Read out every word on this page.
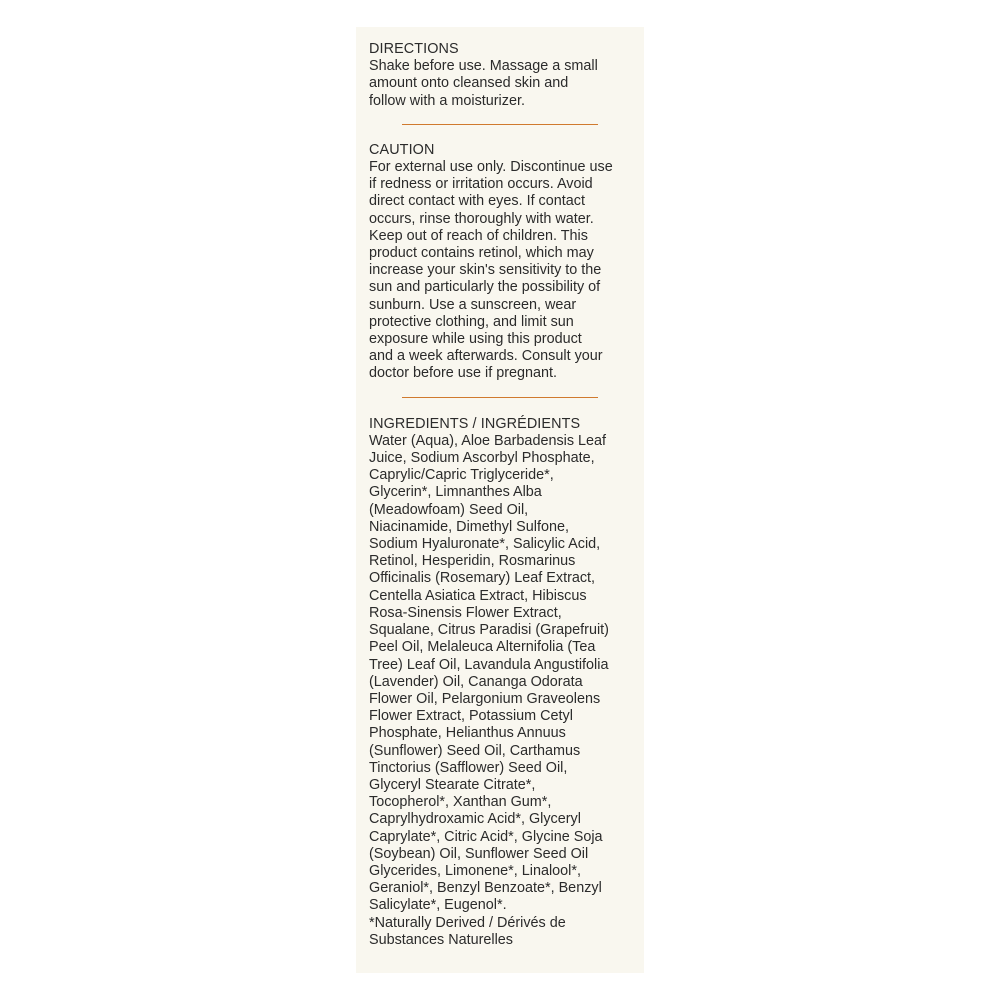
DIRECTIONS

Shake before use. Massage a small

amount onto cleansed skin and

follow with a moisturizer.

CAUTION

For external use only. Discontinue use

if redness or irritation occurs. Avoid

direct contact with eyes. If contact

occurs, rinse thoroughly with water.

Keep out of reach of children. This

product contains retinol, which may

increase your skin's sensitivity to the

sun and particularly the possibility of

sunburn. Use a sunscreen, wear

protective clothing, and limit sun

exposure while using this product

and a week afterwards. Consult your

doctor before use if pregnant.

INGREDIENTS / INGRÉDIENTS

Water (Aqua), Aloe Barbadensis Leaf

Juice, Sodium Ascorbyl Phosphate,

Caprylic/Capric Triglyceride*,

Glycerin*, Limnanthes Alba

(Meadowfoam) Seed Oil,

Niacinamide, Dimethyl Sulfone,

Sodium Hyaluronate*, Salicylic Acid,

Retinol, Hesperidin, Rosmarinus

Officinalis (Rosemary) Leaf Extract,

Centella Asiatica Extract, Hibiscus

Rosa-Sinensis Flower Extract,

Squalane, Citrus Paradisi (Grapefruit)

Peel Oil, Melaleuca Alternifolia (Tea

Tree) Leaf Oil, Lavandula Angustifolia

(Lavender) Oil, Cananga Odorata

Flower Oil, Pelargonium Graveolens

Flower Extract, Potassium Cetyl

Phosphate, Helianthus Annuus

(Sunflower) Seed Oil, Carthamus

Tinctorius (Safflower) Seed Oil,

Glyceryl Stearate Citrate*,

Tocopherol*, Xanthan Gum*,

Caprylhydroxamic Acid*, Glyceryl

Caprylate*, Citric Acid*, Glycine Soja

(Soybean) Oil, Sunflower Seed Oil

Glycerides, Limonene*, Linalool*,

Geraniol*, Benzyl Benzoate*, Benzyl

Salicylate*, Eugenol*.

*Naturally Derived / Dérivés de

Substances Naturelles
